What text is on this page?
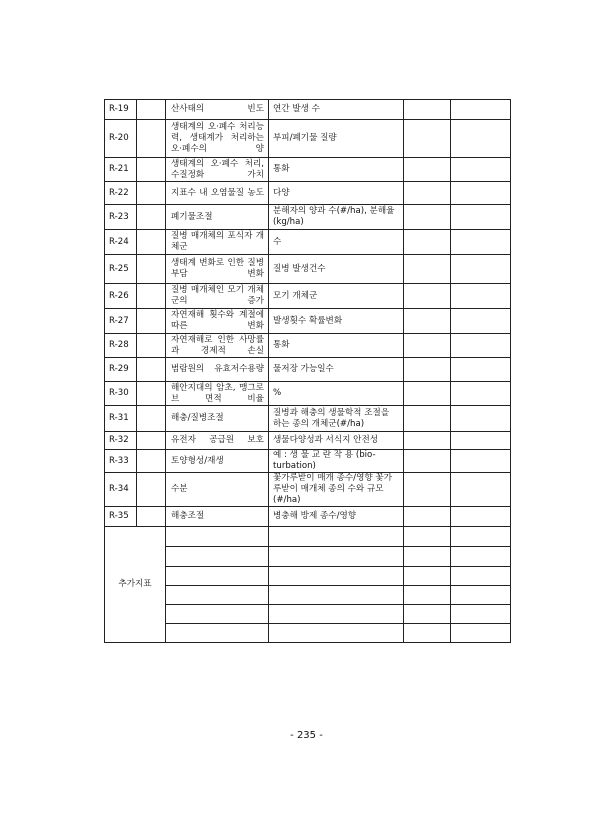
R-19		산사태의 빈도	연간 발생 수		
R-20		생태계의 오·폐수 처리능력, 생태계가 처리하는 오·폐수의 양	부피/폐기물 질량		
R-21		생태계의 오·폐수 처리, 수질정화 가치	통화		
R-22		지표수 내 오염물질 농도	다양		
R-23		폐기물조절	분해자의 양과 수(#/ha), 분해율(kg/ha)		
R-24		질병 매개체의 포식자 개체군	수		
R-25		생태계 변화로 인한 질병부담 변화	질병 발생건수		
R-26		질병 매개체인 모기 개체군의 증가	모기 개체군		
R-27		자연재해 횟수와 계절에 따른 변화	발생횟수 확률변화		
R-28		자연재해로 인한 사망률과 경제적 손실	통화		
R-29		범람원의 유효저수용량	물저장 가능일수		
R-30		해안지대의 암초, 맹그로브 면적 비율	%		
R-31		해충/질병조절	질병과 해충의 생물학적 조절을 하는 종의 개체군(#/ha)		
R-32		유전자 공급원 보호	생물다양성과 서식지 안전성		
R-33		토양형성/재생	예 : 생 물 교 란 작 용 (bio-turbation)		
R-34		수분	꽃가루받이 매개 종수/영향 꽃가루받이 매개체 종의 수와 규모(#/ha)		
R-35		해충조절	병충해 방제 종수/영향		
추가지표					

- 235 -
